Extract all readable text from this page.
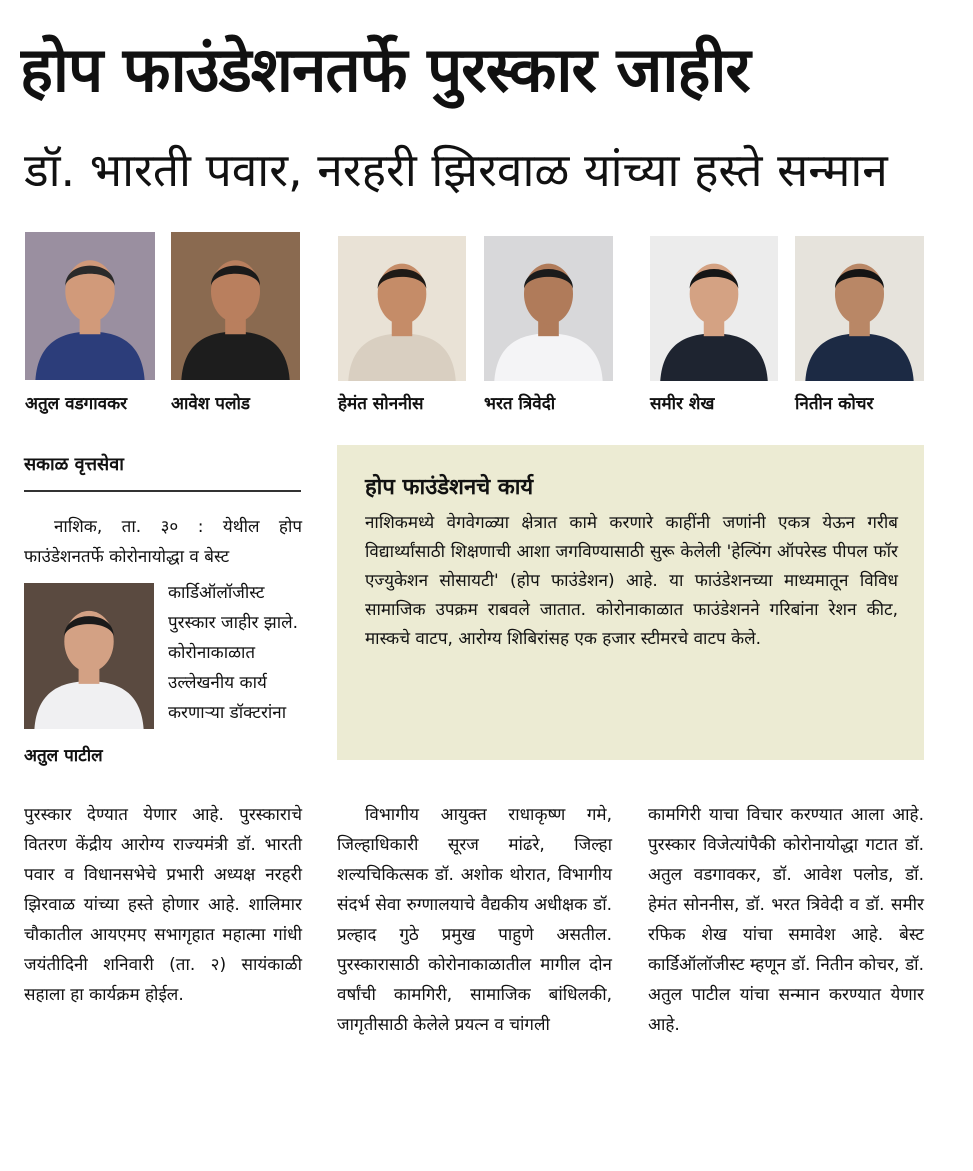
होप फाउंडेशनतर्फे पुरस्कार जाहीर
डॉ. भारती पवार, नरहरी झिरवाळ यांच्या हस्ते सन्मान
अतुल वडगावकर	आवेश पलोड	हेमंत सोननीस	भरत त्रिवेदी	समीर शेख	नितीन कोचर
सकाळ वृत्तसेवा

नाशिक, ता. ३० : येथील होप फाउंडेशनतर्फे कोरोनायोद्धा व बेस्ट

अतुल पाटील

कार्डिऑलॉजीस्ट पुरस्कार जाहीर झाले. कोरोनाकाळात उल्लेखनीय कार्य करणाऱ्या डॉक्टरांना

होप फाउंडेशनचे कार्य

नाशिकमध्ये वेगवेगळ्या क्षेत्रात कामे करणारे काहींनी जणांनी एकत्र येऊन गरीब विद्यार्थ्यांसाठी शिक्षणाची आशा जगविण्यासाठी सुरू केलेली 'हेल्पिंग ऑपरेस्ड पीपल फॉर एज्युकेशन सोसायटी' (होप फाउंडेशन) आहे. या फाउंडेशनच्या माध्यमातून विविध सामाजिक उपक्रम राबवले जातात. कोरोनाकाळात फाउंडेशनने गरिबांना रेशन कीट, मास्कचे वाटप, आरोग्य शिबिरांसह एक हजार स्टीमरचे वाटप केले.

पुरस्कार देण्यात येणार आहे. पुरस्काराचे वितरण केंद्रीय आरोग्य राज्यमंत्री डॉ. भारती पवार व विधानसभेचे प्रभारी अध्यक्ष नरहरी झिरवाळ यांच्या हस्ते होणार आहे. शालिमार चौकातील आयएमए सभागृहात महात्मा गांधी जयंतीदिनी शनिवारी (ता. २) सायंकाळी सहाला हा कार्यक्रम होईल.

विभागीय आयुक्त राधाकृष्ण गमे, जिल्हाधिकारी सूरज मांढरे, जिल्हा शल्यचिकित्सक डॉ. अशोक थोरात, विभागीय संदर्भ सेवा रुग्णालयाचे वैद्यकीय अधीक्षक डॉ. प्रल्हाद गुठे प्रमुख पाहुणे असतील. पुरस्कारासाठी कोरोनाकाळातील मागील दोन वर्षांची कामगिरी, सामाजिक बांधिलकी, जागृतीसाठी केलेले प्रयत्न व चांगली

कामगिरी याचा विचार करण्यात आला आहे. पुरस्कार विजेत्यांपैकी कोरोनायोद्धा गटात डॉ. अतुल वडगावकर, डॉ. आवेश पलोड, डॉ. हेमंत सोननीस, डॉ. भरत त्रिवेदी व डॉ. समीर रफिक शेख यांचा समावेश आहे. बेस्ट कार्डिऑलॉजीस्ट म्हणून डॉ. नितीन कोचर, डॉ. अतुल पाटील यांचा सन्मान करण्यात येणार आहे.
